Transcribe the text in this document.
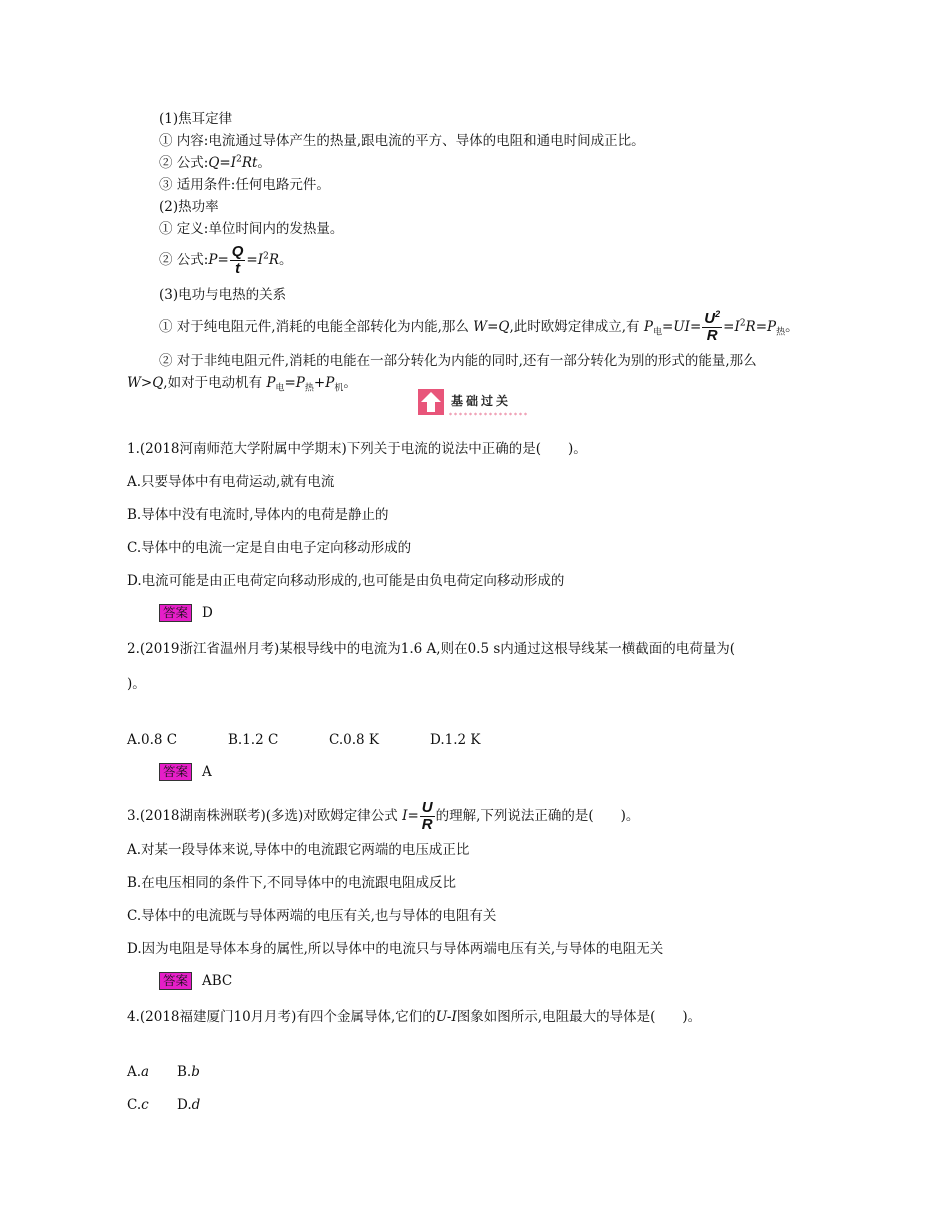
(1)焦耳定律
① 内容:电流通过导体产生的热量,跟电流的平方、导体的电阻和通电时间成正比。
② 公式$:Q=I^2Rt$。
③ 适用条件:任何电路元件。
(2)热功率
① 定义:单位时间内的发热量。
② 公式:P= $\frac{Q}{t} =I^2R$。
(3)电功与电热的关系
① 对于纯电阻元件,消耗的电能全部转化为内能,那么 W=Q,此时欧姆定律成立,有 $P_电=UI= \frac{U^2}{R} =I^2R=P_热$。
② 对于非纯电阻元件,消耗的电能在一部分转化为内能的同时,还有一部分转化为别的形式的能量,那么
W>Q,如对于电动机有 $P_电=P_热+P_机$。
基础过关
1.(2018河南师范大学附属中学期末)下列关于电流的说法中正确的是(　　)。
A.只要导体中有电荷运动,就有电流
B.导体中没有电流时,导体内的电荷是静止的
C.导体中的电流一定是自由电子定向移动形成的
D.电流可能是由正电荷定向移动形成的,也可能是由负电荷定向移动形成的
答案 D
2.(2019浙江省温州月考)某根导线中的电流为1.6 A,则在0.5 s内通过这根导线某一横截面的电荷量为(
)。
A.0.8 C	B.1.2 C	C.0.8 K	D.1.2 K
答案 A
3.(2018湖南株洲联考)(多选)对欧姆定律公式 $I= \frac{U}{R}$ 的理解,下列说法正确的是(　　)。
A.对某一段导体来说,导体中的电流跟它两端的电压成正比
B.在电压相同的条件下,不同导体中的电流跟电阻成反比
C.导体中的电流既与导体两端的电压有关,也与导体的电阻有关
D.因为电阻是导体本身的属性,所以导体中的电流只与导体两端电压有关,与导体的电阻无关
答案 ABC
4.(2018福建厦门10月月考)有四个金属导体,它们的U-I图象如图所示,电阻最大的导体是(　　)。
A.a B.b
C.c D.d
